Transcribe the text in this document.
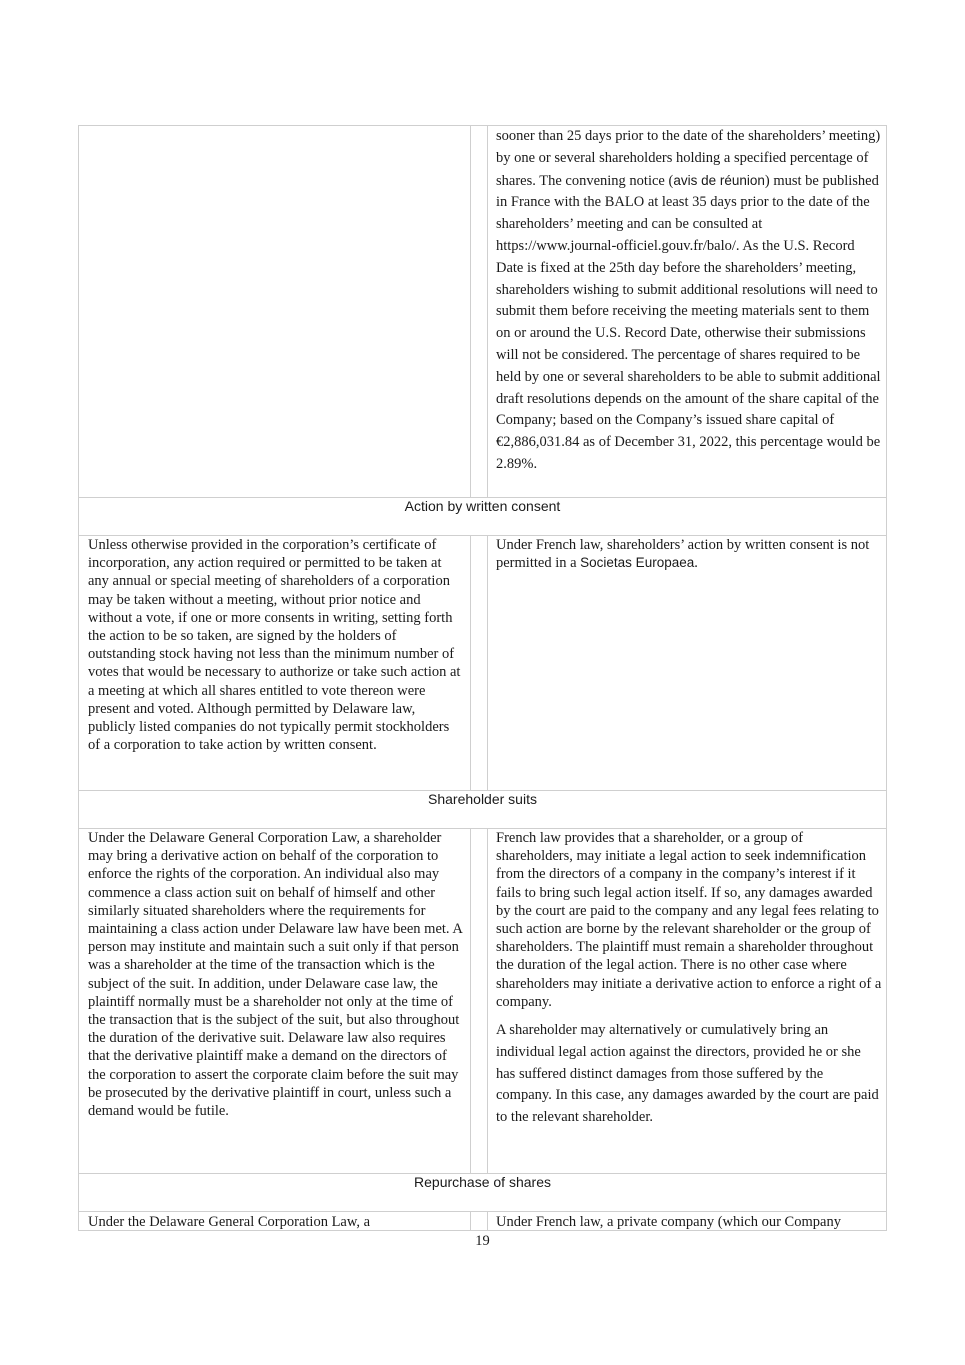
sooner than 25 days prior to the date of the shareholders’ meeting) by one or several shareholders holding a specified percentage of shares. The convening notice (avis de réunion) must be published in France with the BALO at least 35 days prior to the date of the shareholders’ meeting and can be consulted at https://www.journal-officiel.gouv.fr/balo/. As the U.S. Record Date is fixed at the 25th day before the shareholders’ meeting, shareholders wishing to submit additional resolutions will need to submit them before receiving the meeting materials sent to them on or around the U.S. Record Date, otherwise their submissions will not be considered. The percentage of shares required to be held by one or several shareholders to be able to submit additional draft resolutions depends on the amount of the share capital of the Company; based on the Company’s issued share capital of €2,886,031.84 as of December 31, 2022, this percentage would be 2.89%.
Action by written consent
Unless otherwise provided in the corporation’s certificate of incorporation, any action required or permitted to be taken at any annual or special meeting of shareholders of a corporation may be taken without a meeting, without prior notice and without a vote, if one or more consents in writing, setting forth the action to be so taken, are signed by the holders of outstanding stock having not less than the minimum number of votes that would be necessary to authorize or take such action at a meeting at which all shares entitled to vote thereon were present and voted. Although permitted by Delaware law, publicly listed companies do not typically permit stockholders of a corporation to take action by written consent.
Under French law, shareholders’ action by written consent is not permitted in a Societas Europaea.
Shareholder suits
Under the Delaware General Corporation Law, a shareholder may bring a derivative action on behalf of the corporation to enforce the rights of the corporation. An individual also may commence a class action suit on behalf of himself and other similarly situated shareholders where the requirements for maintaining a class action under Delaware law have been met. A person may institute and maintain such a suit only if that person was a shareholder at the time of the transaction which is the subject of the suit. In addition, under Delaware case law, the plaintiff normally must be a shareholder not only at the time of the transaction that is the subject of the suit, but also throughout the duration of the derivative suit. Delaware law also requires that the derivative plaintiff make a demand on the directors of the corporation to assert the corporate claim before the suit may be prosecuted by the derivative plaintiff in court, unless such a demand would be futile.

French law provides that a shareholder, or a group of shareholders, may initiate a legal action to seek indemnification from the directors of a company in the company’s interest if it fails to bring such legal action itself. If so, any damages awarded by the court are paid to the company and any legal fees relating to such action are borne by the relevant shareholder or the group of shareholders. The plaintiff must remain a shareholder throughout the duration of the legal action. There is no other case where shareholders may initiate a derivative action to enforce a right of a company.

A shareholder may alternatively or cumulatively bring an individual legal action against the directors, provided he or she has suffered distinct damages from those suffered by the company. In this case, any damages awarded by the court are paid to the relevant shareholder.

Repurchase of shares
Under the Delaware General Corporation Law, a	Under French law, a private company (which our Company
19
